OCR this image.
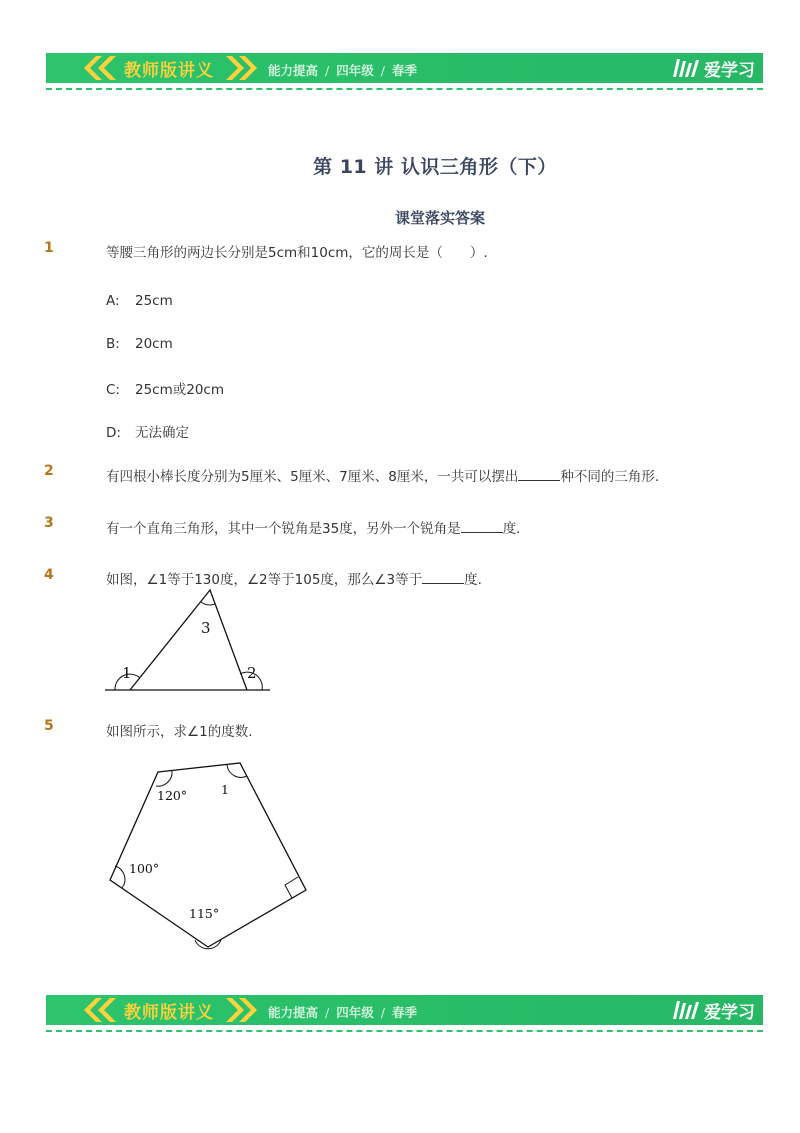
教师版讲义	能力提高 / 四年级 / 春季	爱学习
第 11 讲 认识三角形（下）
课堂落实答案
1	等腰三角形的两边长分别是5cm和10cm，它的周长是（　　）.
A: 25cm
B: 20cm
C: 25cm或20cm
D: 无法确定
2	有四根小棒长度分别为5厘米、5厘米、7厘米、8厘米，一共可以摆出	种不同的三角形.
3	有一个直角三角形，其中一个锐角是35度，另外一个锐角是	度.
4	如图，∠1等于130度，∠2等于105度，那么∠3等于	度.
1	2
3
5	如图所示，求∠1的度数.
120°	1
100°
115°
教师版讲义	能力提高 / 四年级 / 春季	爱学习
